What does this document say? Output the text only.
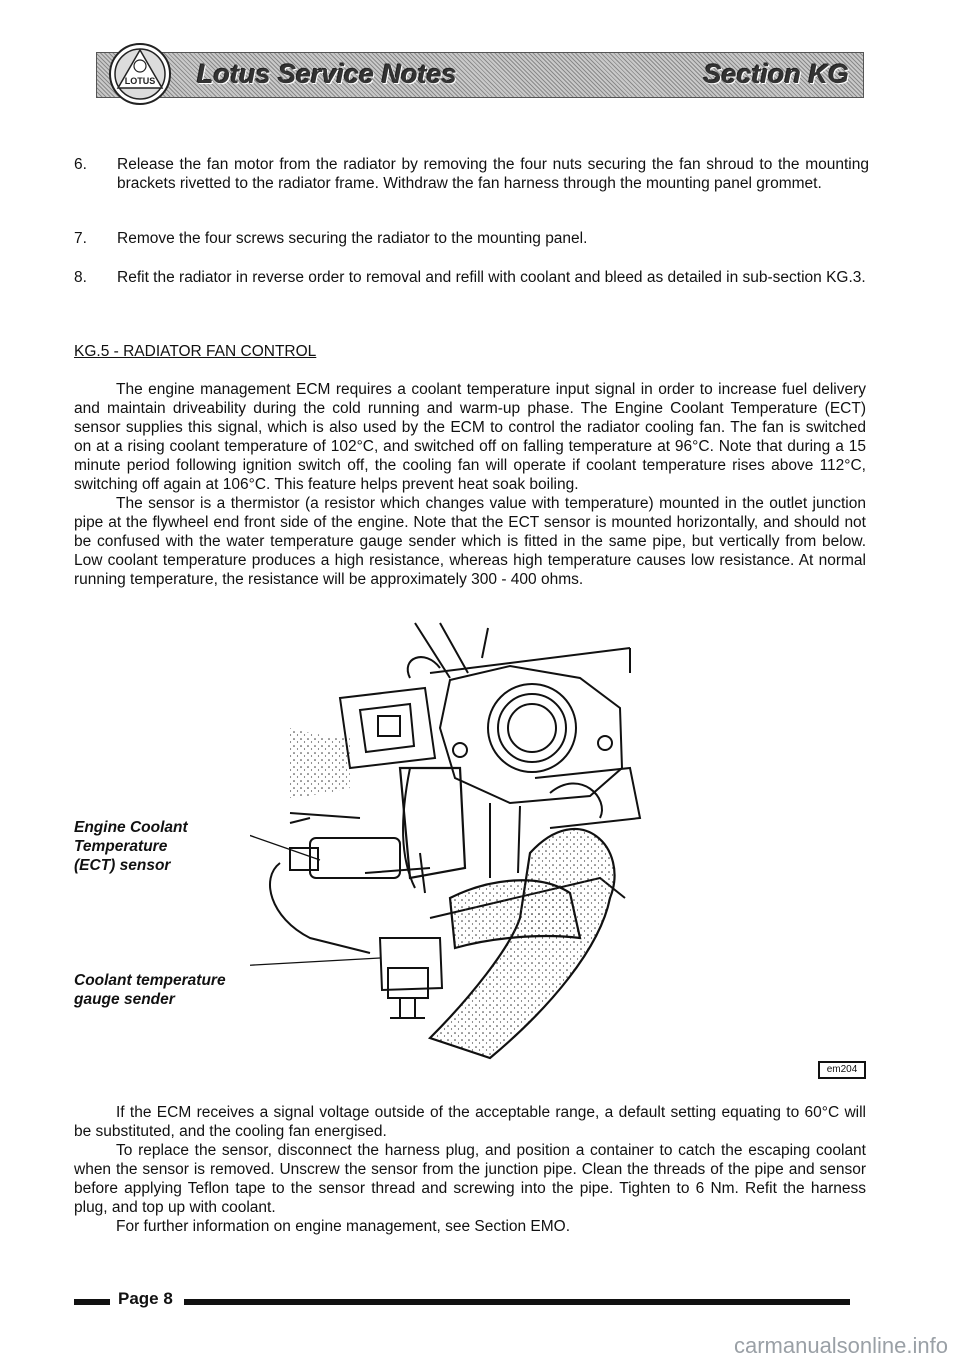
Lotus Service Notes	Section KG
LOTUS
6. Release the fan motor from the radiator by removing the four nuts securing the fan shroud to the mounting brackets rivetted to the radiator frame. Withdraw the fan harness through the mounting panel grommet.
7. Remove the four screws securing the radiator to the mounting panel.
8. Refit the radiator in reverse order to removal and refill with coolant and bleed as detailed in sub-section KG.3.
KG.5 - RADIATOR FAN CONTROL

The engine management ECM requires a coolant temperature input signal in order to increase fuel delivery and maintain driveability during the cold running and warm-up phase. The Engine Coolant Temperature (ECT) sensor supplies this signal, which is also used by the ECM to control the radiator cooling fan. The fan is switched on at a rising coolant temperature of 102°C, and switched off on falling temperature at 96°C. Note that during a 15 minute period following ignition switch off, the cooling fan will operate if coolant temperature rises above 112°C, switching off again at 106°C. This feature helps prevent heat soak boiling.

The sensor is a thermistor (a resistor which changes value with temperature) mounted in the outlet junction pipe at the flywheel end front side of the engine. Note that the ECT sensor is mounted horizontally, and should not be confused with the water temperature gauge sender which is fitted in the same pipe, but vertically from below. Low coolant temperature produces a high resistance, whereas high temperature causes low resistance. At normal running temperature, the resistance will be approximately 300 - 400 ohms.

Engine Coolant
Temperature
(ECT) sensor
Coolant temperature
gauge sender
em204

If the ECM receives a signal voltage outside of the acceptable range, a default setting equating to 60°C will be substituted, and the cooling fan energised.

To replace the sensor, disconnect the harness plug, and position a container to catch the escaping coolant when the sensor is removed. Unscrew the sensor from the junction pipe. Clean the threads of the pipe and sensor before applying Teflon tape to the sensor thread and screwing into the pipe. Tighten to 6 Nm. Refit the harness plug, and top up with coolant.

For further information on engine management, see Section EMO.

Page 8
carmanualsonline.info
